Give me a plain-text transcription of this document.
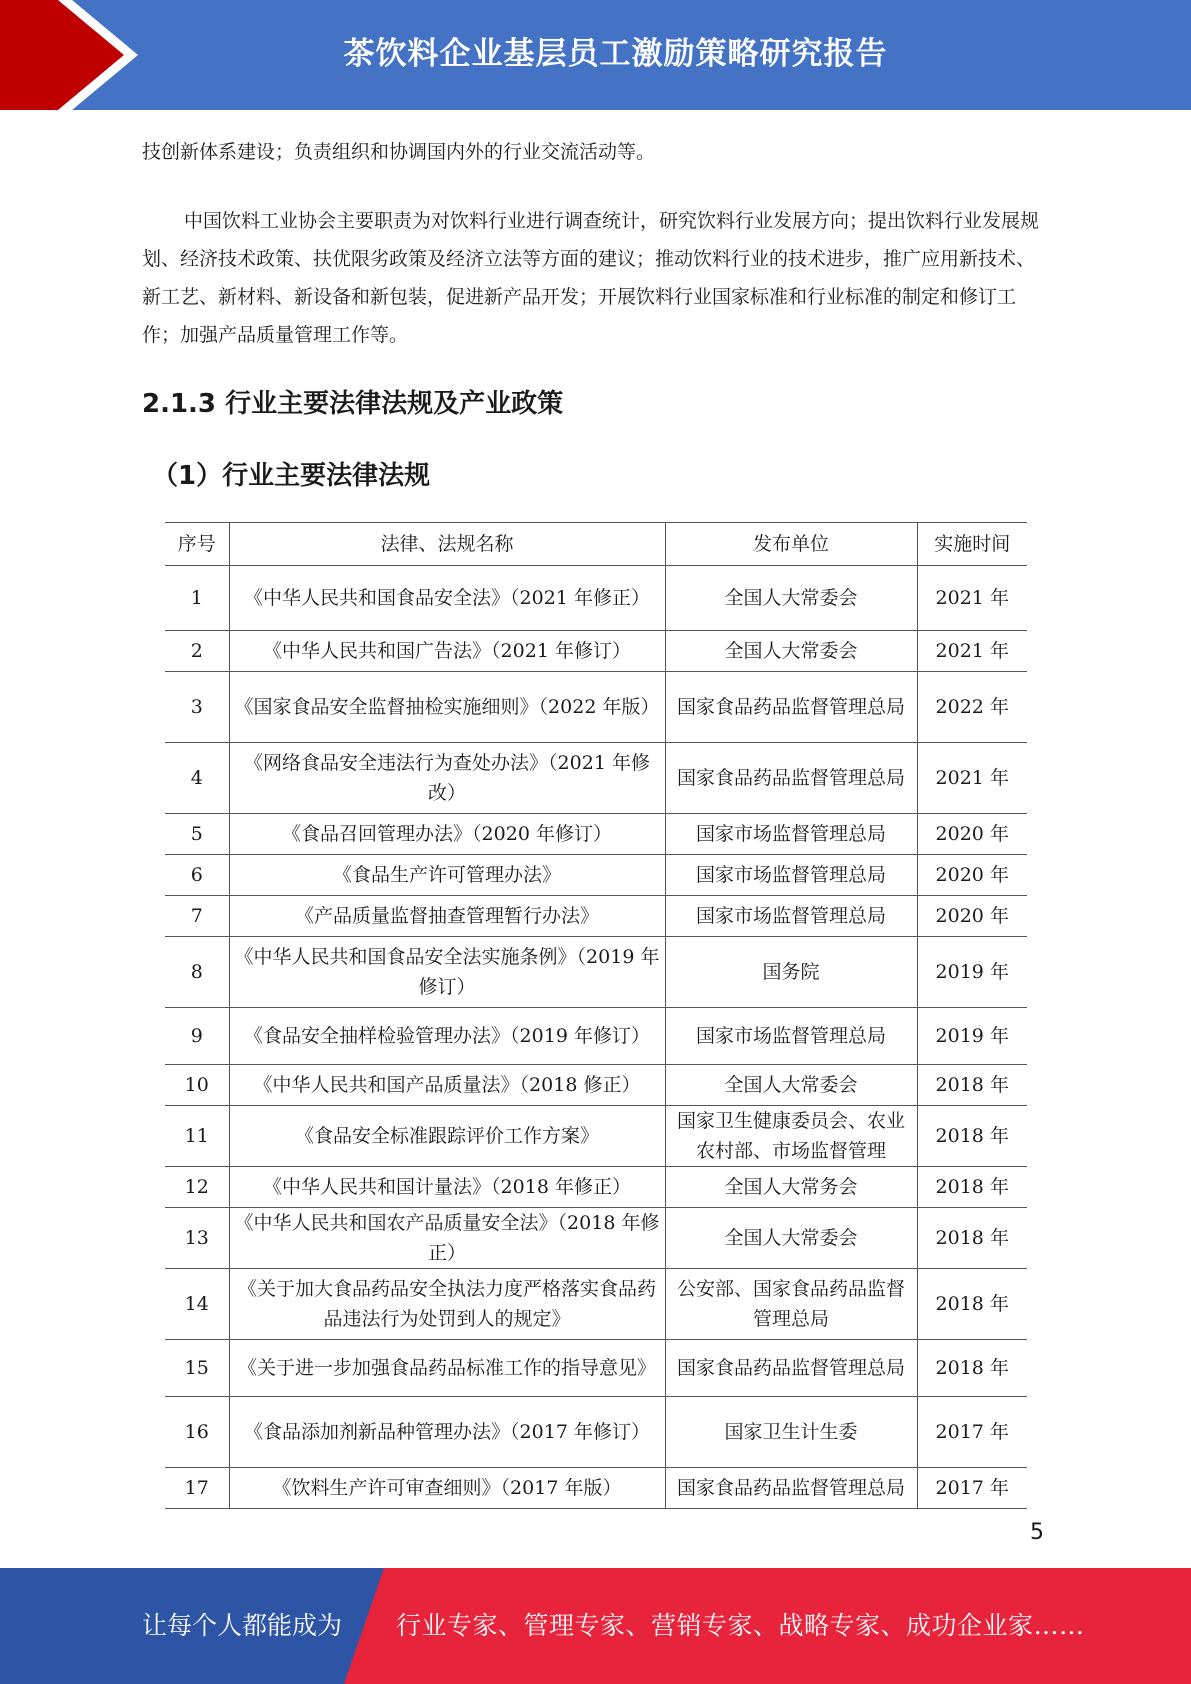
茶饮料企业基层员工激励策略研究报告

技创新体系建设；负责组织和协调国内外的行业交流活动等。

中国饮料工业协会主要职责为对饮料行业进行调查统计，研究饮料行业发展方向；提出饮料行业发展规划、经济技术政策、扶优限劣政策及经济立法等方面的建议；推动饮料行业的技术进步，推广应用新技术、新工艺、新材料、新设备和新包装，促进新产品开发；开展饮料行业国家标准和行业标准的制定和修订工作；加强产品质量管理工作等。

2.1.3 行业主要法律法规及产业政策
（1）行业主要法律法规
序号	法律、法规名称	发布单位	实施时间
1	《中华人民共和国食品安全法》（2021 年修正）	全国人大常委会	2021 年
2	《中华人民共和国广告法》（2021 年修订）	全国人大常委会	2021 年
3	《国家食品安全监督抽检实施细则》（2022 年版）	国家食品药品监督管理总局	2022 年
4	《网络食品安全违法行为查处办法》（2021 年修改）	国家食品药品监督管理总局	2021 年
5	《食品召回管理办法》（2020 年修订）	国家市场监督管理总局	2020 年
6	《食品生产许可管理办法》	国家市场监督管理总局	2020 年
7	《产品质量监督抽查管理暂行办法》	国家市场监督管理总局	2020 年
8	《中华人民共和国食品安全法实施条例》（2019 年修订）	国务院	2019 年
9	《食品安全抽样检验管理办法》（2019 年修订）	国家市场监督管理总局	2019 年
10	《中华人民共和国产品质量法》（2018 修正）	全国人大常委会	2018 年
11	《食品安全标准跟踪评价工作方案》	国家卫生健康委员会、农业农村部、市场监督管理	2018 年
12	《中华人民共和国计量法》（2018 年修正）	全国人大常务会	2018 年
13	《中华人民共和国农产品质量安全法》（2018 年修正）	全国人大常委会	2018 年
14	《关于加大食品药品安全执法力度严格落实食品药品违法行为处罚到人的规定》	公安部、国家食品药品监督管理总局	2018 年
15	《关于进一步加强食品药品标准工作的指导意见》	国家食品药品监督管理总局	2018 年
16	《食品添加剂新品种管理办法》（2017 年修订）	国家卫生计生委	2017 年
17	《饮料生产许可审查细则》（2017 年版）	国家食品药品监督管理总局	2017 年
5
让每个人都能成为 行业专家、管理专家、营销专家、战略专家、成功企业家……
